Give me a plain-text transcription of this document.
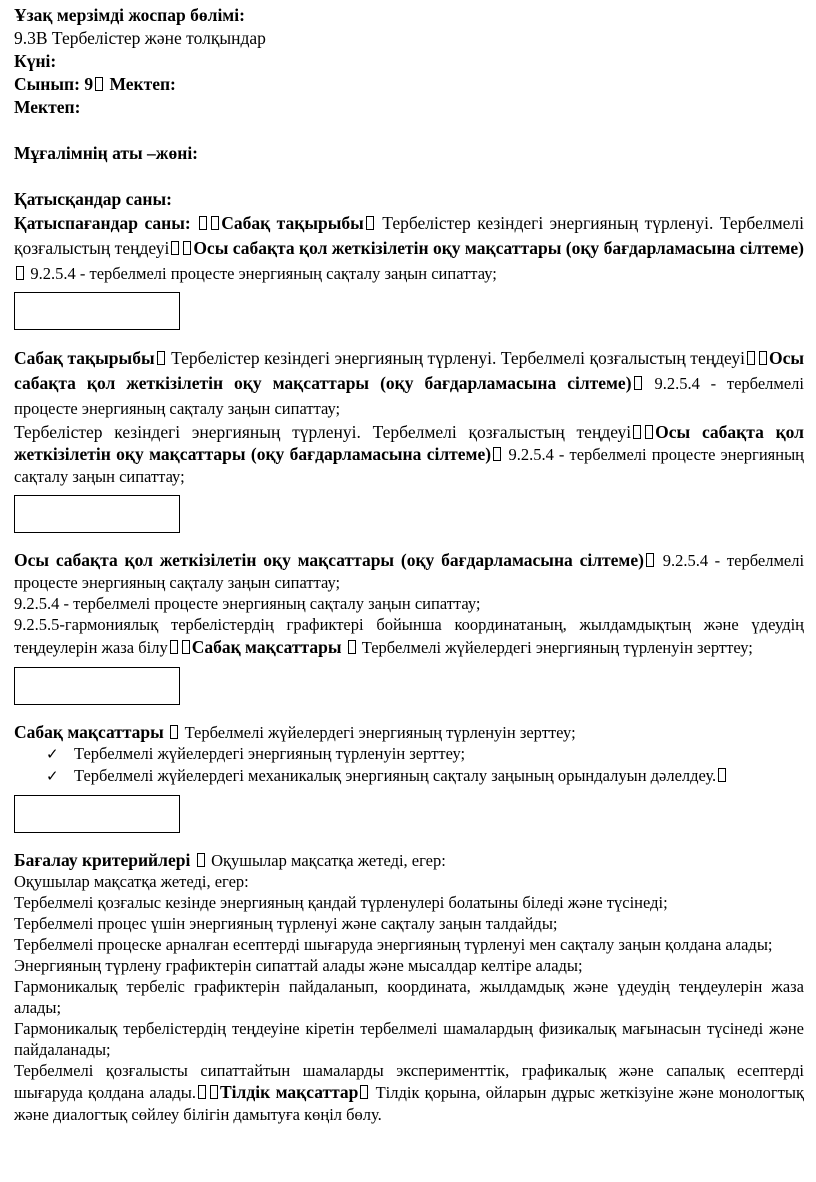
Ұзақ мерзімді жоспар бөлімі:

9.3В Тербелістер және толқындар

Күні:

Сынып: 9 Мектеп:

Мектеп:

Мұғалімнің аты –жөні:

Қатысқандар саны:

Қатыспағандар саны: Сабақ тақырыбы Тербелістер кезіндегі энергияның түрленуі. Тербелмелі қозғалыстың теңдеуі Осы сабақта қол жеткізілетін оқу мақсаттары (оқу бағдарламасына сілтеме) 9.2.5.4 - тербелмелі процесте энергияның сақталу заңын сипаттау;

Сабақ тақырыбы Тербелістер кезіндегі энергияның түрленуі. Тербелмелі қозғалыстың теңдеуі Осы сабақта қол жеткізілетін оқу мақсаттары (оқу бағдарламасына сілтеме) 9.2.5.4 - тербелмелі процесте энергияның сақталу заңын сипаттау;

Тербелістер кезіндегі энергияның түрленуі. Тербелмелі қозғалыстың теңдеуі Осы сабақта қол жеткізілетін оқу мақсаттары (оқу бағдарламасына сілтеме) 9.2.5.4 - тербелмелі процесте энергияның сақталу заңын сипаттау;

Осы сабақта қол жеткізілетін оқу мақсаттары (оқу бағдарламасына сілтеме) 9.2.5.4 - тербелмелі процесте энергияның сақталу заңын сипаттау;

9.2.5.4 - тербелмелі процесте энергияның сақталу заңын сипаттау;

9.2.5.5-гармониялық тербелістердің графиктері бойынша координатаның, жылдамдықтың және үдеудің теңдеулерін жаза білу Сабақ мақсаттары Тербелмелі жүйелердегі энергияның түрленуін зерттеу;

Сабақ мақсаттары Тербелмелі жүйелердегі энергияның түрленуін зерттеу;

✓ Тербелмелі жүйелердегі энергияның түрленуін зерттеу;
✓ Тербелмелі жүйелердегі механикалық энергияның сақталу заңының орындалуын дәлелдеу.

Бағалау критерийлері Оқушылар мақсатқа жетеді, егер:

Оқушылар мақсатқа жетеді, егер:

Тербелмелі қозғалыс кезінде энергияның қандай түрленулері болатыны біледі және түсінеді;

Тербелмелі процес үшін энергияның түрленуі және сақталу заңын талдайды;

Тербелмелі процеске арналған есептерді шығаруда энергияның түрленуі мен сақталу заңын қолдана алады;

Энергияның түрлену графиктерін сипаттай алады және мысалдар келтіре алады;

Гармоникалық тербеліс графиктерін пайдаланып, координата, жылдамдық және үдеудің теңдеулерін жаза алады;

Гармоникалық тербелістердің теңдеуіне кіретін тербелмелі шамалардың физикалық мағынасын түсінеді және пайдаланады;

Тербелмелі қозғалысты сипаттайтын шамаларды эксперименттік, графикалық және сапалық есептерді шығаруда қолдана алады. Тілдік мақсаттар Тілдік қорына, ойларын дұрыс жеткізуіне және монологтық және диалогтық сөйлеу білігін дамытуға көңіл бөлу.
